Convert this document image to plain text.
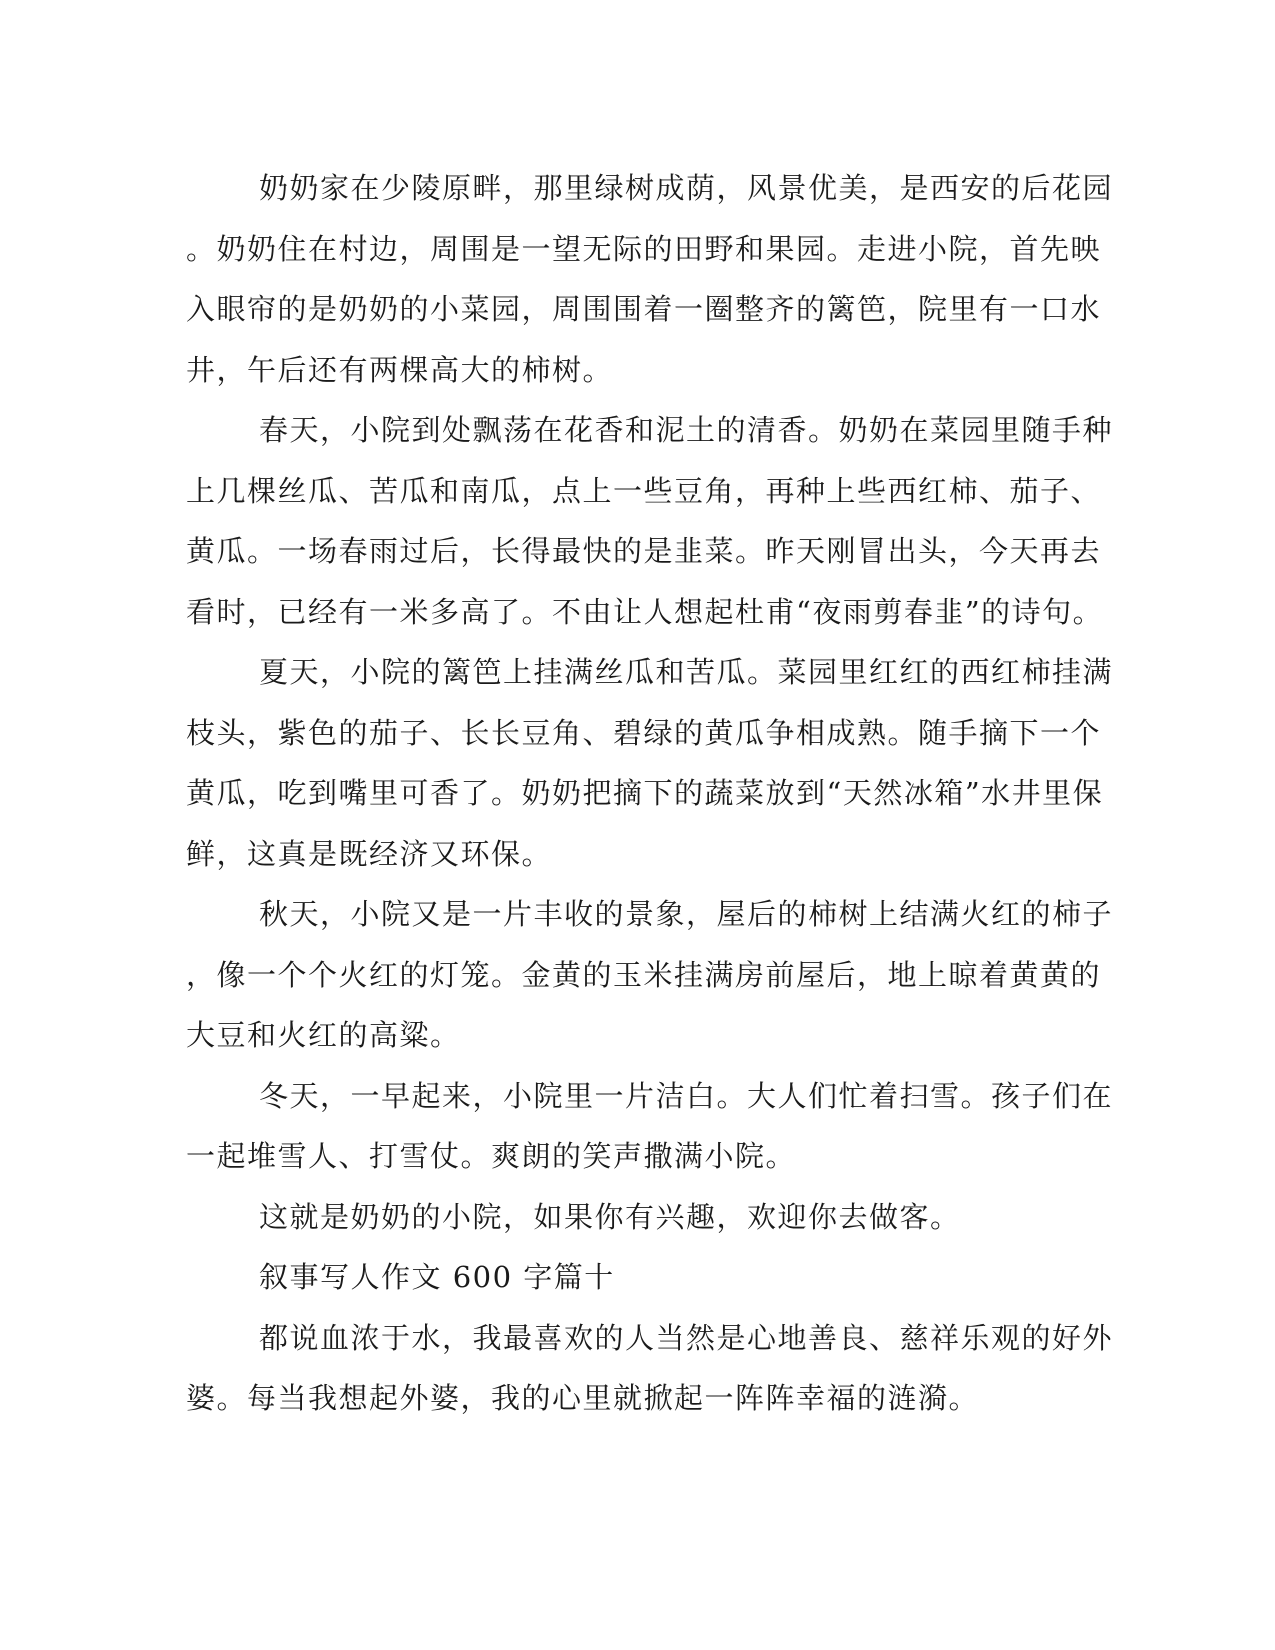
奶奶家在少陵原畔，那里绿树成荫，风景优美，是西安的后花园
。奶奶住在村边，周围是一望无际的田野和果园。走进小院，首先映
入眼帘的是奶奶的小菜园，周围围着一圈整齐的篱笆，院里有一口水
井，午后还有两棵高大的柿树。
春天，小院到处飘荡在花香和泥土的清香。奶奶在菜园里随手种
上几棵丝瓜、苦瓜和南瓜，点上一些豆角，再种上些西红柿、茄子、
黄瓜。一场春雨过后，长得最快的是韭菜。昨天刚冒出头，今天再去
看时，已经有一米多高了。不由让人想起杜甫“夜雨剪春韭”的诗句。
夏天，小院的篱笆上挂满丝瓜和苦瓜。菜园里红红的西红柿挂满
枝头，紫色的茄子、长长豆角、碧绿的黄瓜争相成熟。随手摘下一个
黄瓜，吃到嘴里可香了。奶奶把摘下的蔬菜放到“天然冰箱”水井里保
鲜，这真是既经济又环保。
秋天，小院又是一片丰收的景象，屋后的柿树上结满火红的柿子
，像一个个火红的灯笼。金黄的玉米挂满房前屋后，地上晾着黄黄的
大豆和火红的高粱。
冬天，一早起来，小院里一片洁白。大人们忙着扫雪。孩子们在
一起堆雪人、打雪仗。爽朗的笑声撒满小院。
这就是奶奶的小院，如果你有兴趣，欢迎你去做客。
叙事写人作文 600 字篇十
都说血浓于水，我最喜欢的人当然是心地善良、慈祥乐观的好外
婆。每当我想起外婆，我的心里就掀起一阵阵幸福的涟漪。
